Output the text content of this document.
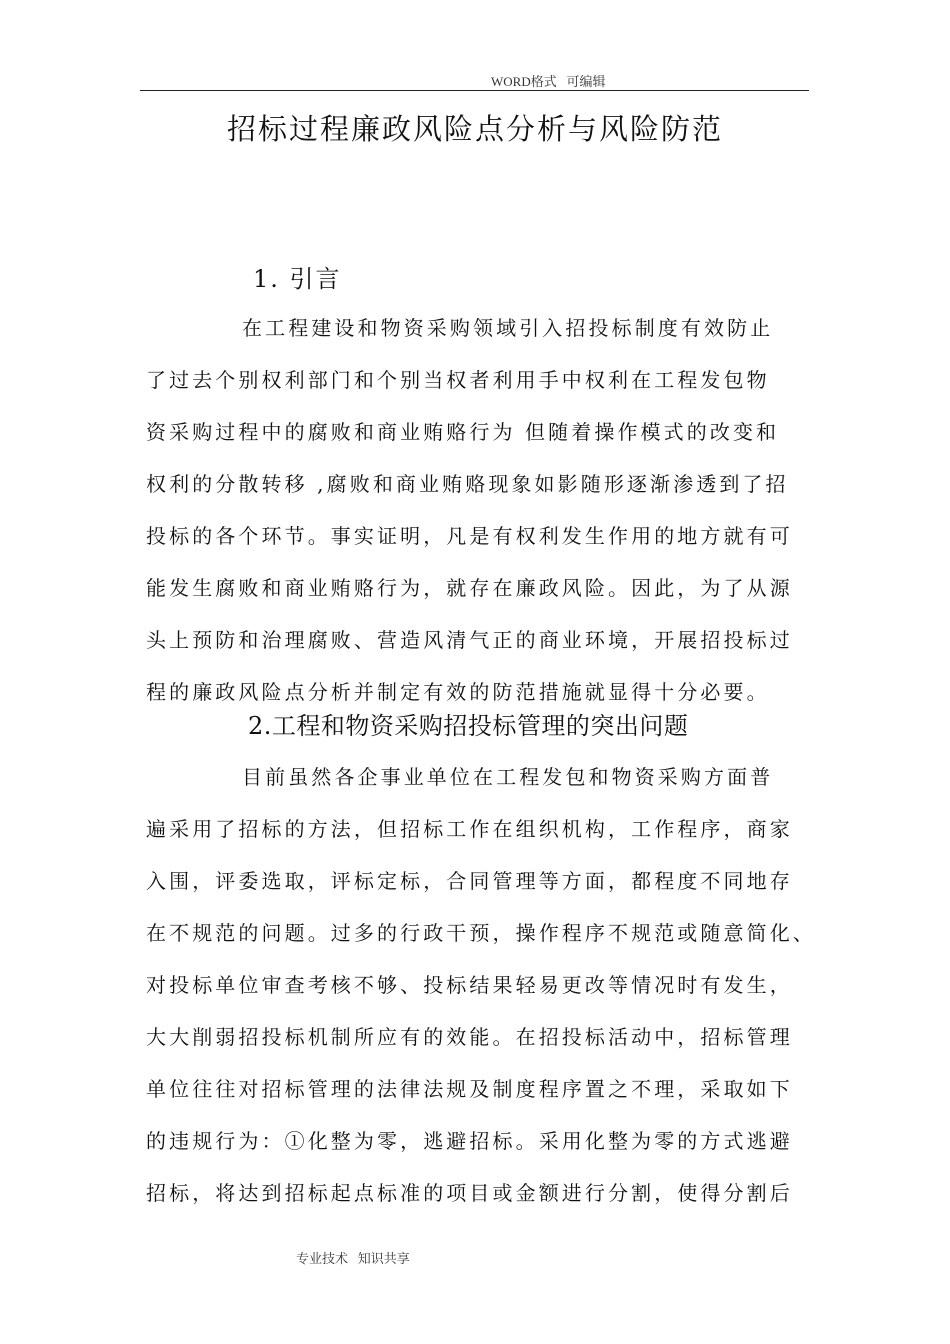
WORD格式   可编辑
招标过程廉政风险点分析与风险防范
1. 引言
在工程建设和物资采购领域引入招投标制度有效防止
了过去个别权利部门和个别当权者利用手中权利在工程发包物
资采购过程中的腐败和商业贿赂行为 但随着操作模式的改变和
权利的分散转移 ,腐败和商业贿赂现象如影随形逐渐渗透到了招
投标的各个环节。事实证明，凡是有权利发生作用的地方就有可
能发生腐败和商业贿赂行为，就存在廉政风险。因此，为了从源
头上预防和治理腐败、营造风清气正的商业环境，开展招投标过
程的廉政风险点分析并制定有效的防范措施就显得十分必要。
2.工程和物资采购招投标管理的突出问题
目前虽然各企事业单位在工程发包和物资采购方面普
遍采用了招标的方法，但招标工作在组织机构，工作程序，商家
入围，评委选取，评标定标，合同管理等方面，都程度不同地存
在不规范的问题。过多的行政干预，操作程序不规范或随意简化、
对投标单位审查考核不够、投标结果轻易更改等情况时有发生，
大大削弱招投标机制所应有的效能。在招投标活动中，招标管理
单位往往对招标管理的法律法规及制度程序置之不理，采取如下
的违规行为：①化整为零，逃避招标。采用化整为零的方式逃避
招标，将达到招标起点标准的项目或金额进行分割，使得分割后
专业技术   知识共享
